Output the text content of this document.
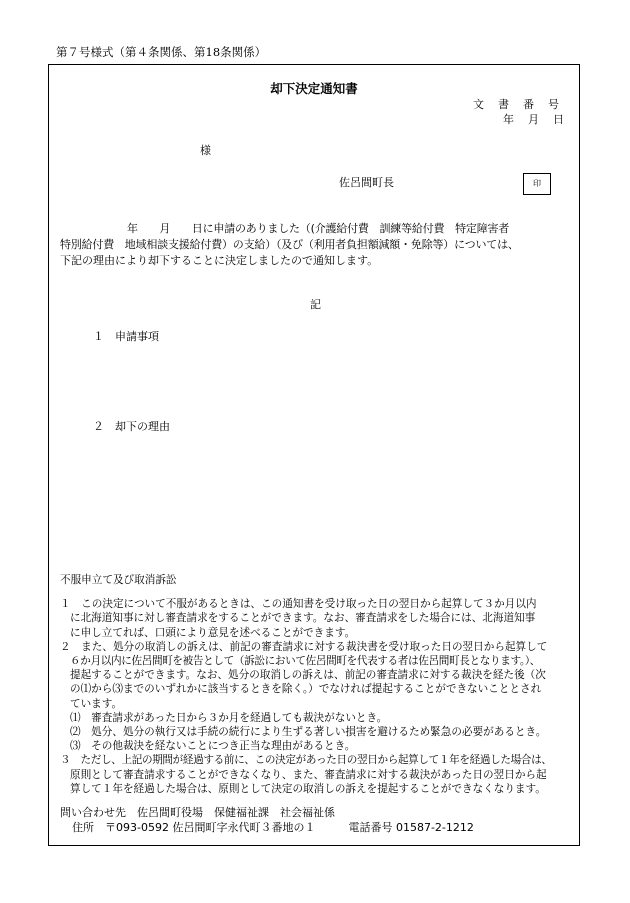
第７号様式（第４条関係、第18条関係）
却下決定通知書
文書番号
年月日
様
佐呂間町長	印
年　　月　　日に申請のありました（(介護給付費　訓練等給付費　特定障害者
特別給付費　地域相談支援給付費）の支給）（及び（利用者負担額減額・免除等）については、
下記の理由により却下することに決定しましたので通知します。
記
１　申請事項
２　却下の理由
不服申立て及び取消訴訟
１　この決定について不服があるときは、この通知書を受け取った日の翌日から起算して３か月以内
に北海道知事に対し審査請求をすることができます。なお、審査請求をした場合には、北海道知事
に申し立てれば、口頭により意見を述べることができます。
２　また、処分の取消しの訴えは、前記の審査請求に対する裁決書を受け取った日の翌日から起算して
６か月以内に佐呂間町を被告として（訴訟において佐呂間町を代表する者は佐呂間町長となります。）、
提起することができます。なお、処分の取消しの訴えは、前記の審査請求に対する裁決を経た後（次
の⑴から⑶までのいずれかに該当するときを除く。）でなければ提起することができないこととされ
ています。
⑴　審査請求があった日から３か月を経過しても裁決がないとき。
⑵　処分、処分の執行又は手続の続行により生ずる著しい損害を避けるため緊急の必要があるとき。
⑶　その他裁決を経ないことにつき正当な理由があるとき。
３　ただし、上記の期間が経過する前に、この決定があった日の翌日から起算して１年を経過した場合は、
原則として審査請求することができなくなり、また、審査請求に対する裁決があった日の翌日から起
算して１年を経過した場合は、原則として決定の取消しの訴えを提起することができなくなります。
問い合わせ先　佐呂間町役場　保健福祉課　社会福祉係
住所　〒093-0592 佐呂間町字永代町３番地の１　　　電話番号 01587-2-1212
